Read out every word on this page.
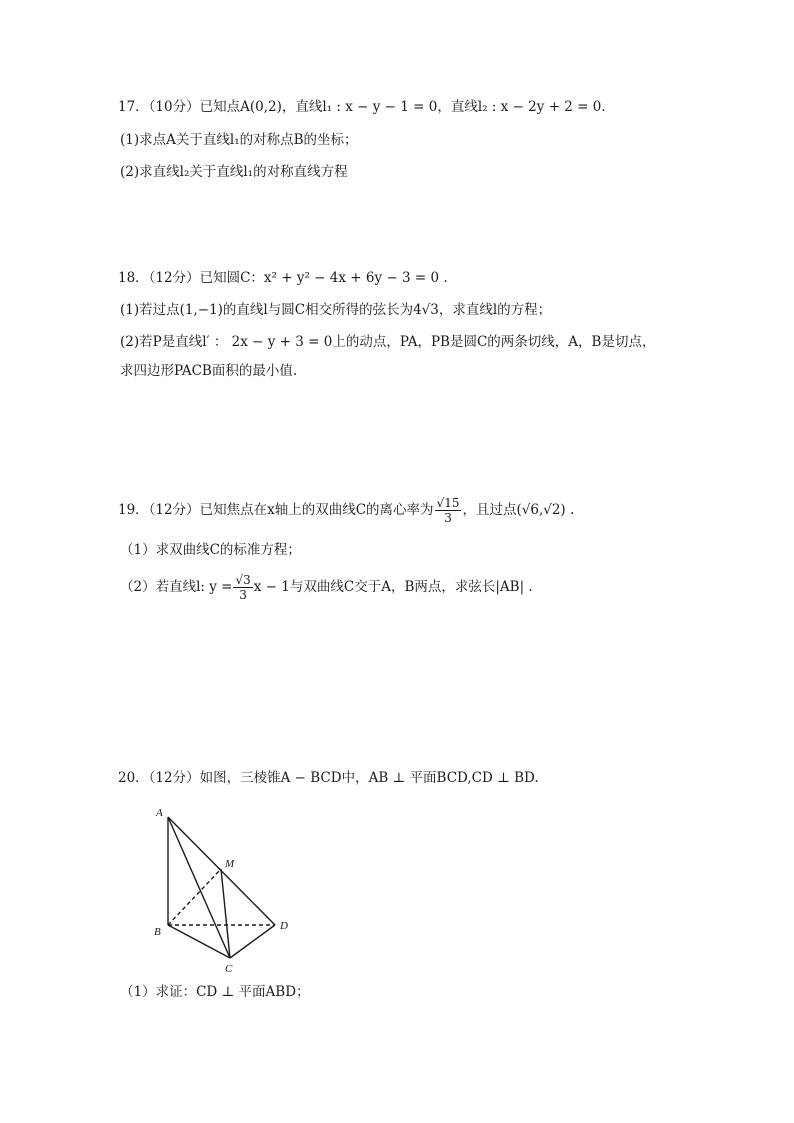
17．（10分）已知点A(0,2)，直线l₁ : x − y − 1 = 0，直线l₂ : x − 2y + 2 = 0.
(1)求点A关于直线l₁的对称点B的坐标；
(2)求直线l₂关于直线l₁的对称直线方程
18．（12分）已知圆C：x² + y² − 4x + 6y − 3 = 0 .
(1)若过点(1,−1)的直线l与圆C相交所得的弦长为4√3，求直线l的方程；
(2)若P是直线l′ ： 2x − y + 3 = 0上的动点，PA，PB是圆C的两条切线，A，B是切点，
求四边形PACB面积的最小值.
19．（12分）已知焦点在x轴上的双曲线C的离心率为 $\frac{√15}{3}$ ，且过点(√6,√2) .
（1）求双曲线C的标准方程；
（2）若直线l: $y = \frac{√3}{3}$ x − 1与双曲线C交于A，B两点，求弦长|AB| .
20．（12分）如图，三棱锥A − BCD中，AB ⊥ 平面BCD,CD ⊥ BD.
A
M
B	D
C
（1）求证：CD ⊥ 平面ABD；
